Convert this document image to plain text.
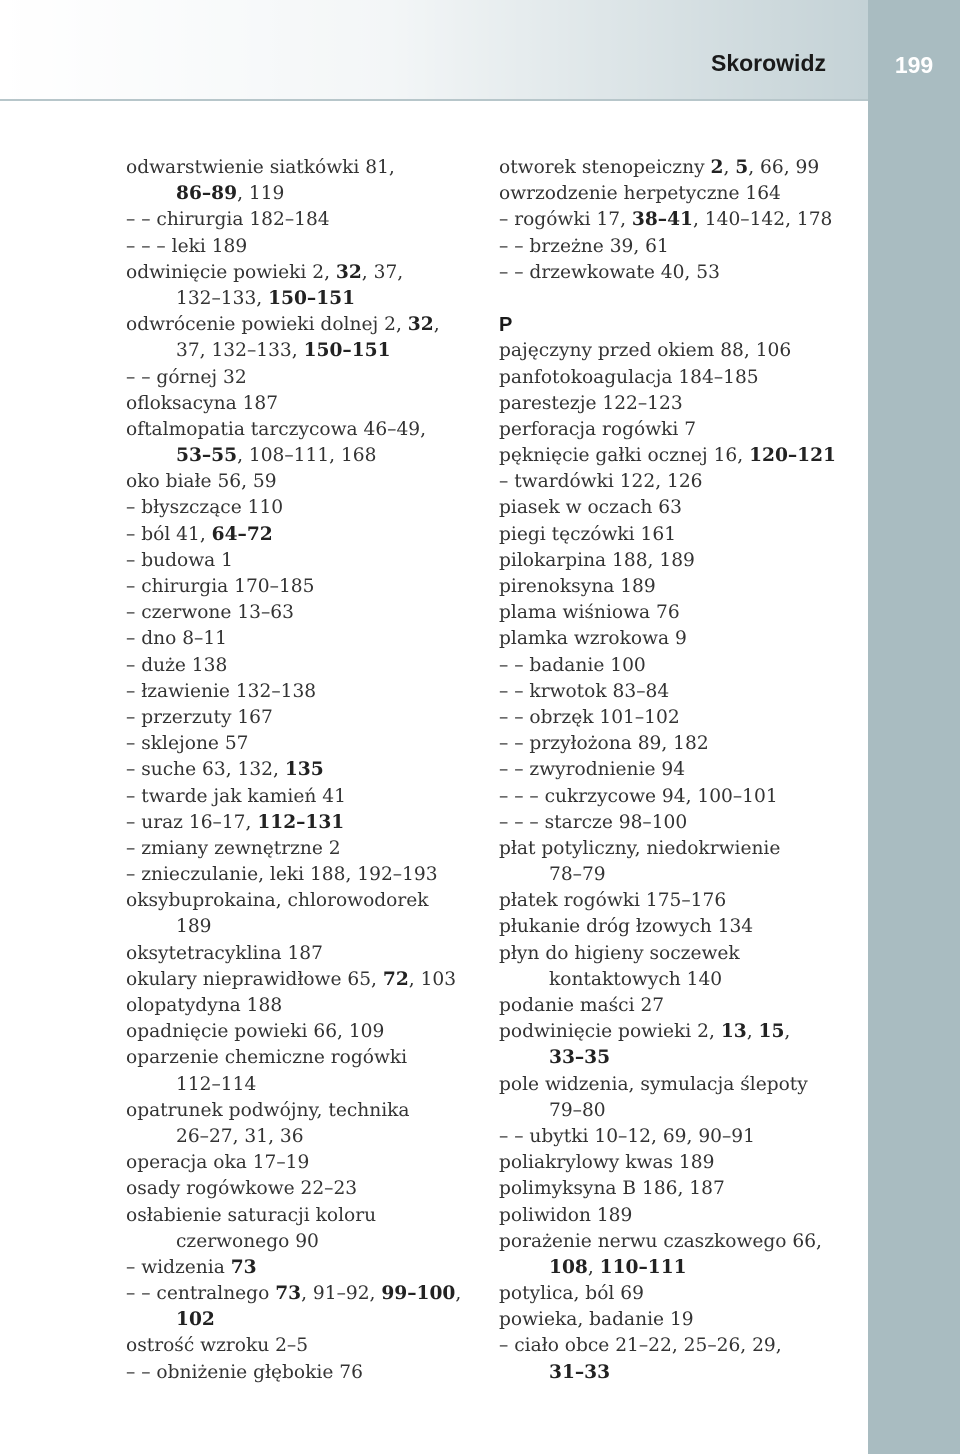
Skorowidz	199
odwarstwienie siatkówki 81,
86–89, 119
– – chirurgia 182–184
– – – leki 189
odwinięcie powieki 2, 32, 37,
132–133, 150–151
odwrócenie powieki dolnej 2, 32,
37, 132–133, 150–151
– – górnej 32
ofloksacyna 187
oftalmopatia tarczycowa 46–49,
53–55, 108–111, 168
oko białe 56, 59
– błyszczące 110
– ból 41, 64–72
– budowa 1
– chirurgia 170–185
– czerwone 13–63
– dno 8–11
– duże 138
– łzawienie 132–138
– przerzuty 167
– sklejone 57
– suche 63, 132, 135
– twarde jak kamień 41
– uraz 16–17, 112–131
– zmiany zewnętrzne 2
– znieczulanie, leki 188, 192–193
oksybuprokaina, chlorowodorek
189
oksytetracyklina 187
okulary nieprawidłowe 65, 72, 103
olopatydyna 188
opadnięcie powieki 66, 109
oparzenie chemiczne rogówki
112–114
opatrunek podwójny, technika
26–27, 31, 36
operacja oka 17–19
osady rogówkowe 22–23
osłabienie saturacji koloru
czerwonego 90
– widzenia 73
– – centralnego 73, 91–92, 99–100,
102
ostrość wzroku 2–5
– – obniżenie głębokie 76
otworek stenopeiczny 2, 5, 66, 99
owrzodzenie herpetyczne 164
– rogówki 17, 38–41, 140–142, 178
– – brzeżne 39, 61
– – drzewkowate 40, 53
P
pajęczyny przed okiem 88, 106
panfotokoagulacja 184–185
parestezje 122–123
perforacja rogówki 7
pęknięcie gałki ocznej 16, 120–121
– twardówki 122, 126
piasek w oczach 63
piegi tęczówki 161
pilokarpina 188, 189
pirenoksyna 189
plama wiśniowa 76
plamka wzrokowa 9
– – badanie 100
– – krwotok 83–84
– – obrzęk 101–102
– – przyłożona 89, 182
– – zwyrodnienie 94
– – – cukrzycowe 94, 100–101
– – – starcze 98–100
płat potyliczny, niedokrwienie
78–79
płatek rogówki 175–176
płukanie dróg łzowych 134
płyn do higieny soczewek
kontaktowych 140
podanie maści 27
podwinięcie powieki 2, 13, 15,
33–35
pole widzenia, symulacja ślepoty
79–80
– – ubytki 10–12, 69, 90–91
poliakrylowy kwas 189
polimyksyna B 186, 187
poliwidon 189
porażenie nerwu czaszkowego 66,
108, 110–111
potylica, ból 69
powieka, badanie 19
– ciało obce 21–22, 25–26, 29,
31–33
